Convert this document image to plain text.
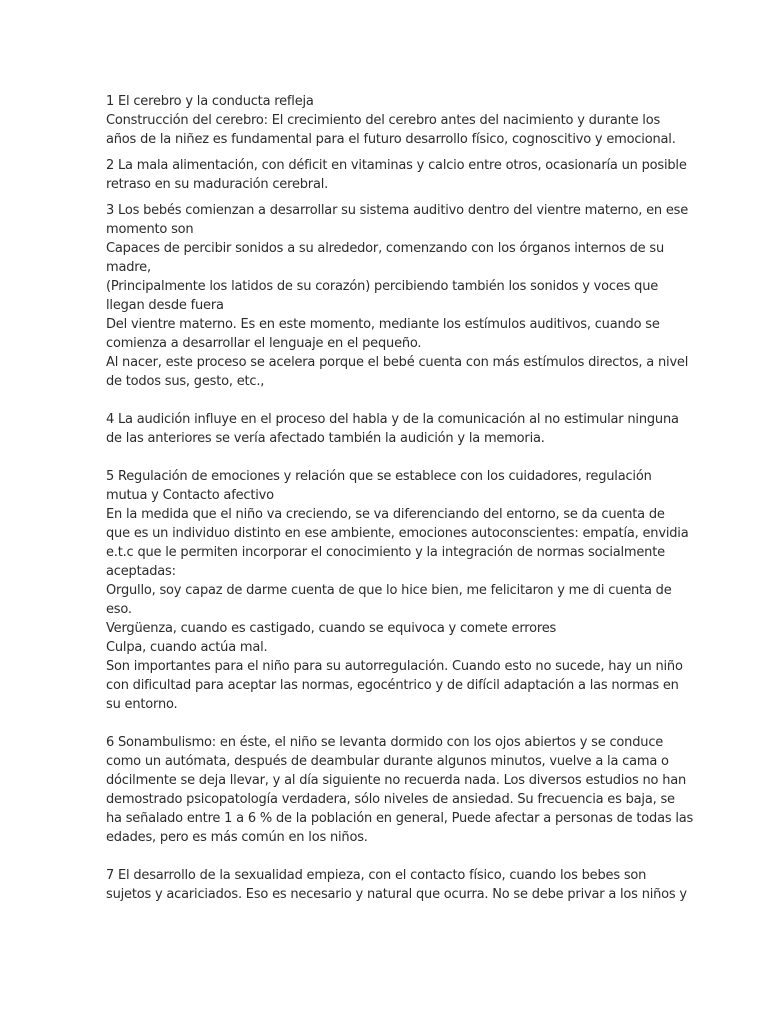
1 El cerebro y la conducta refleja
Construcción del cerebro: El crecimiento del cerebro antes del nacimiento y durante los
años de la niñez es fundamental para el futuro desarrollo físico, cognoscitivo y emocional.
2 La mala alimentación, con déficit en vitaminas y calcio entre otros, ocasionaría un posible
retraso en su maduración cerebral.
3 Los bebés comienzan a desarrollar su sistema auditivo dentro del vientre materno, en ese
momento son
Capaces de percibir sonidos a su alrededor, comenzando con los órganos internos de su
madre,
(Principalmente los latidos de su corazón) percibiendo también los sonidos y voces que
llegan desde fuera
Del vientre materno. Es en este momento, mediante los estímulos auditivos, cuando se
comienza a desarrollar el lenguaje en el pequeño.
Al nacer, este proceso se acelera porque el bebé cuenta con más estímulos directos, a nivel
de todos sus, gesto, etc.,
4 La audición influye en el proceso del habla y de la comunicación al no estimular ninguna
de las anteriores se vería afectado también la audición y la memoria.
5 Regulación de emociones y relación que se establece con los cuidadores, regulación
mutua y Contacto afectivo
En la medida que el niño va creciendo, se va diferenciando del entorno, se da cuenta de
que es un individuo distinto en ese ambiente, emociones autoconscientes: empatía, envidia
e.t.c que le permiten incorporar el conocimiento y la integración de normas socialmente
aceptadas:
Orgullo, soy capaz de darme cuenta de que lo hice bien, me felicitaron y me di cuenta de
eso.
Vergüenza, cuando es castigado, cuando se equivoca y comete errores
Culpa, cuando actúa mal.
Son importantes para el niño para su autorregulación. Cuando esto no sucede, hay un niño
con dificultad para aceptar las normas, egocéntrico y de difícil adaptación a las normas en
su entorno.
6 Sonambulismo: en éste, el niño se levanta dormido con los ojos abiertos y se conduce
como un autómata, después de deambular durante algunos minutos, vuelve a la cama o
dócilmente se deja llevar, y al día siguiente no recuerda nada. Los diversos estudios no han
demostrado psicopatología verdadera, sólo niveles de ansiedad. Su frecuencia es baja, se
ha señalado entre 1 a 6 % de la población en general, Puede afectar a personas de todas las
edades, pero es más común en los niños.
7 El desarrollo de la sexualidad empieza, con el contacto físico, cuando los bebes son
sujetos y acariciados. Eso es necesario y natural que ocurra. No se debe privar a los niños y
